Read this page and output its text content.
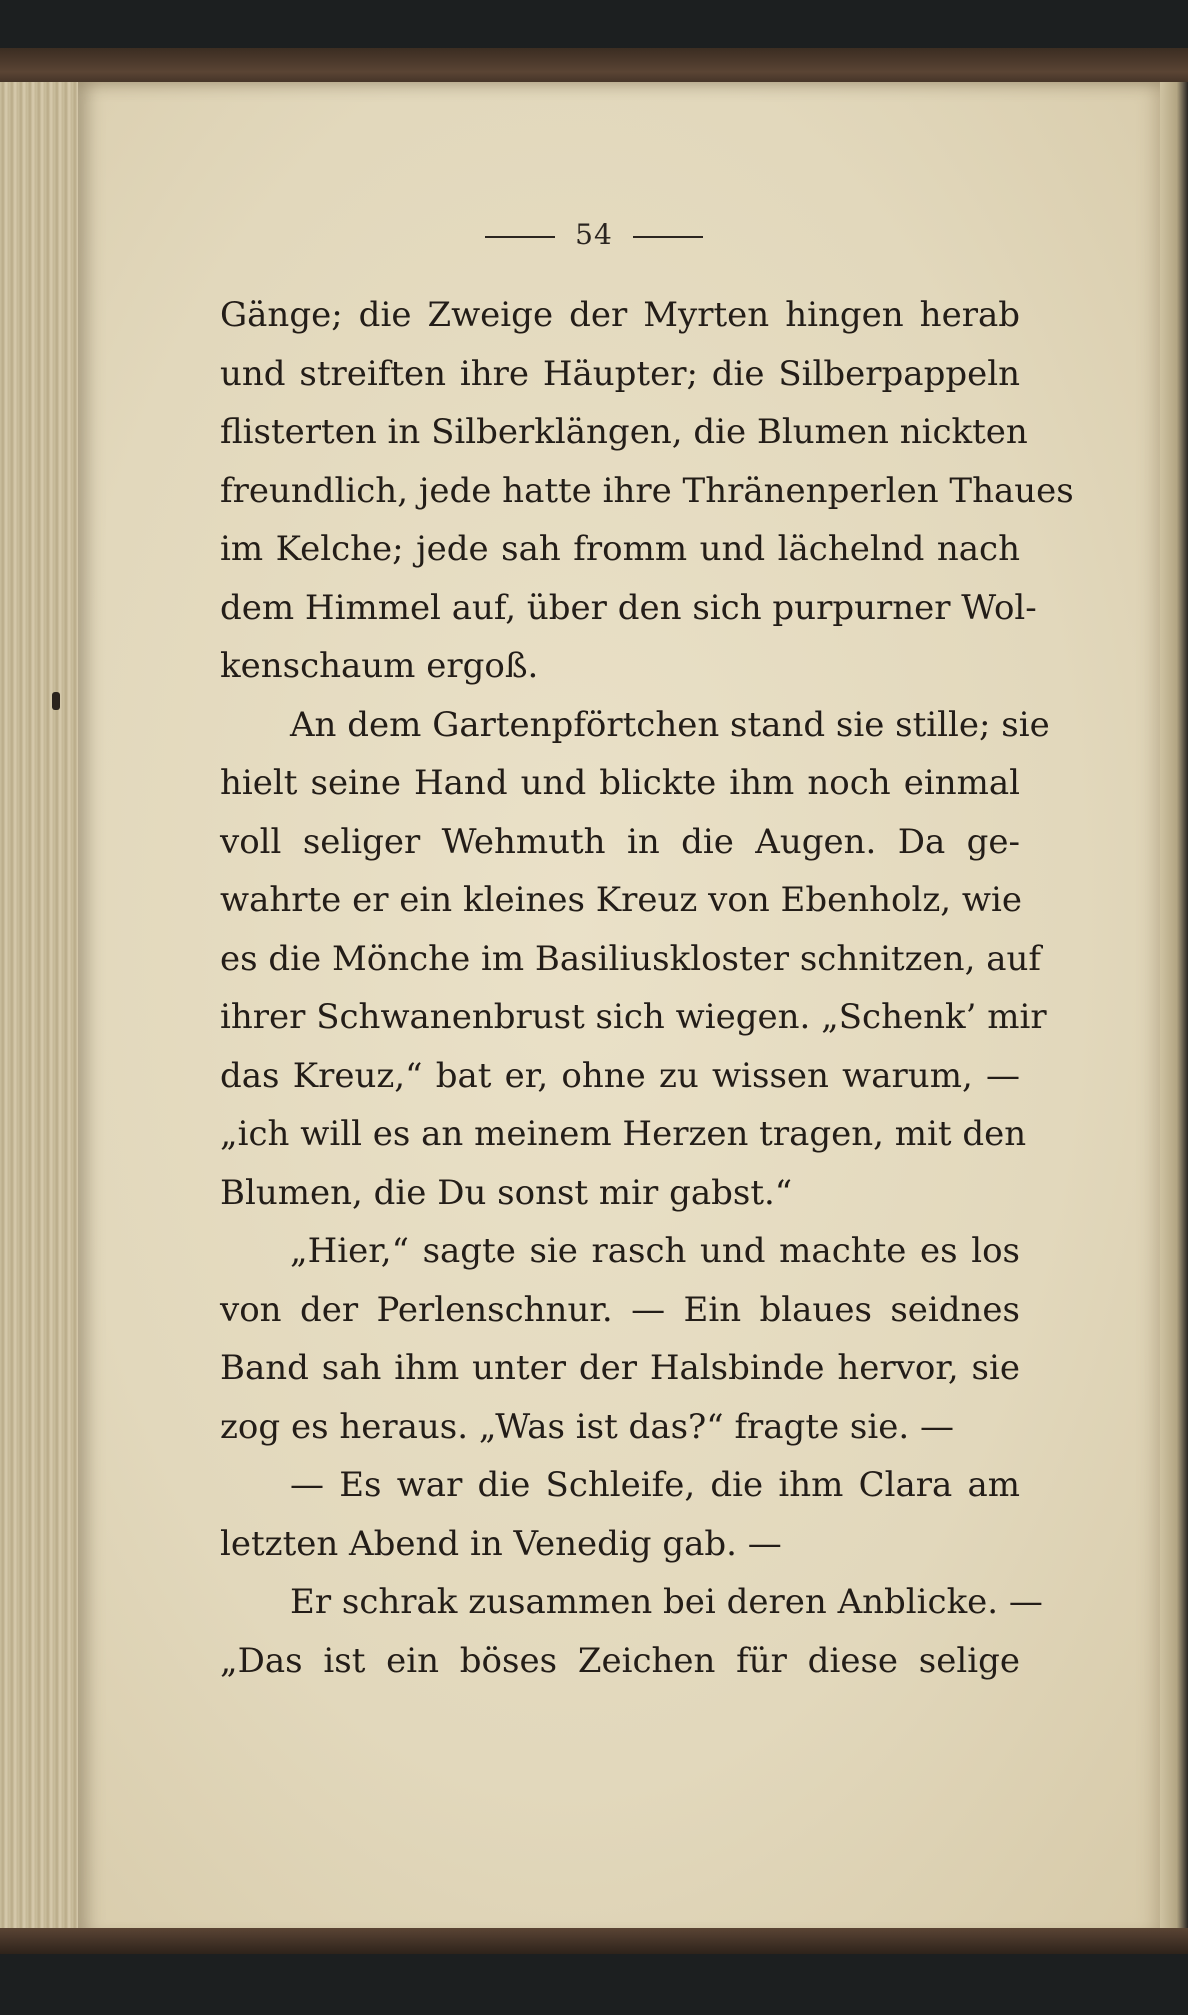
54
Gänge; die Zweige der Myrten hingen herab
und streiften ihre Häupter; die Silberpappeln
flisterten in Silberklängen, die Blumen nickten
freundlich, jede hatte ihre Thränenperlen Thaues
im Kelche; jede sah fromm und lächelnd nach
dem Himmel auf, über den sich purpurner Wol-
kenschaum ergoß.
An dem Gartenpförtchen stand sie stille; sie
hielt seine Hand und blickte ihm noch einmal
voll seliger Wehmuth in die Augen. Da ge-
wahrte er ein kleines Kreuz von Ebenholz, wie
es die Mönche im Basiliuskloster schnitzen, auf
ihrer Schwanenbrust sich wiegen. „Schenk’ mir
das Kreuz,“ bat er, ohne zu wissen warum, —
„ich will es an meinem Herzen tragen, mit den
Blumen, die Du sonst mir gabst.“
„Hier,“ sagte sie rasch und machte es los
von der Perlenschnur. — Ein blaues seidnes
Band sah ihm unter der Halsbinde hervor, sie
zog es heraus. „Was ist das?“ fragte sie. —
— Es war die Schleife, die ihm Clara am
letzten Abend in Venedig gab. —
Er schrak zusammen bei deren Anblicke. —
„Das ist ein böses Zeichen für diese selige
